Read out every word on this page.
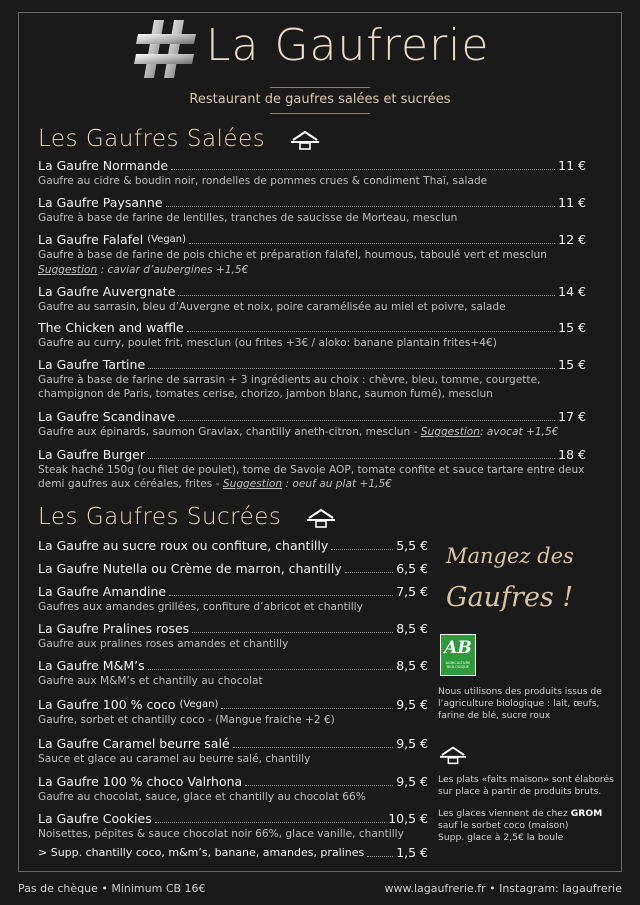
La Gaufrerie
Restaurant de gaufres salées et sucrées
Les Gaufres Salées
La Gaufre Normande	11 €
Gaufre au cidre & boudin noir, rondelles de pommes crues & condiment Thaï, salade
La Gaufre Paysanne	11 €
Gaufre à base de farine de lentilles, tranches de saucisse de Morteau, mesclun
La Gaufre Falafel (Vegan)	12 €
Gaufre à base de farine de pois chiche et préparation falafel, houmous, taboulé vert et mesclun
Suggestion : caviar d’aubergines +1,5€
La Gaufre Auvergnate	14 €
Gaufre au sarrasin, bleu d’Auvergne et noix, poire caramélisée au miel et poivre, salade
The Chicken and waffle	15 €
Gaufre au curry, poulet frit, mesclun (ou frites +3€ / aloko: banane plantain frites+4€)
La Gaufre Tartine	15 €
Gaufre à base de farine de sarrasin + 3 ingrédients au choix : chèvre, bleu, tomme, courgette, champignon de Paris, tomates cerise, chorizo, jambon blanc, saumon fumé), mesclun
La Gaufre Scandinave	17 €
Gaufre aux épinards, saumon Gravlax, chantilly aneth-citron, mesclun - Suggestion: avocat +1,5€
La Gaufre Burger	18 €
Steak haché 150g (ou filet de poulet), tome de Savoie AOP, tomate confite et sauce tartare entre deux demi gaufres aux céréales, frites - Suggestion : oeuf au plat +1,5€
Les Gaufres Sucrées
La Gaufre au sucre roux ou confiture, chantilly	5,5 €
La Gaufre Nutella ou Crème de marron, chantilly	6,5 €
La Gaufre Amandine	7,5 €
Gaufres aux amandes grillées, confiture d’abricot et chantilly
La Gaufre Pralines roses	8,5 €
Gaufre aux pralines roses amandes et chantilly
La Gaufre M&M’s	8,5 €
Gaufre aux M&M’s et chantilly au chocolat
La Gaufre 100 % coco (Vegan)	9,5 €
Gaufre, sorbet et chantilly coco - (Mangue fraiche +2 €)
La Gaufre Caramel beurre salé	9,5 €
Sauce et glace au caramel au beurre salé, chantilly
La Gaufre 100 % choco Valrhona	9,5 €
Gaufre au chocolat, sauce, glace et chantilly au chocolat 66%
La Gaufre Cookies	10,5 €
Noisettes, pépites & sauce chocolat noir 66%, glace vanille, chantilly
> Supp. chantilly coco, m&m’s, banane, amandes, pralines	1,5 €
Mangez des
Gaufres !
AB
AGRICULTURE BIOLOGIQUE
Nous utilisons des produits issus de l’agriculture biologique : lait, œufs, farine de blé, sucre roux
Les plats «faits maison» sont élaborés sur place à partir de produits bruts.
Les glaces viennent de chez GROM
sauf le sorbet coco (maison)
Supp. glace à 2,5€ la boule
Pas de chèque • Minimum CB 16€	www.lagaufrerie.fr • Instagram: lagaufrerie
